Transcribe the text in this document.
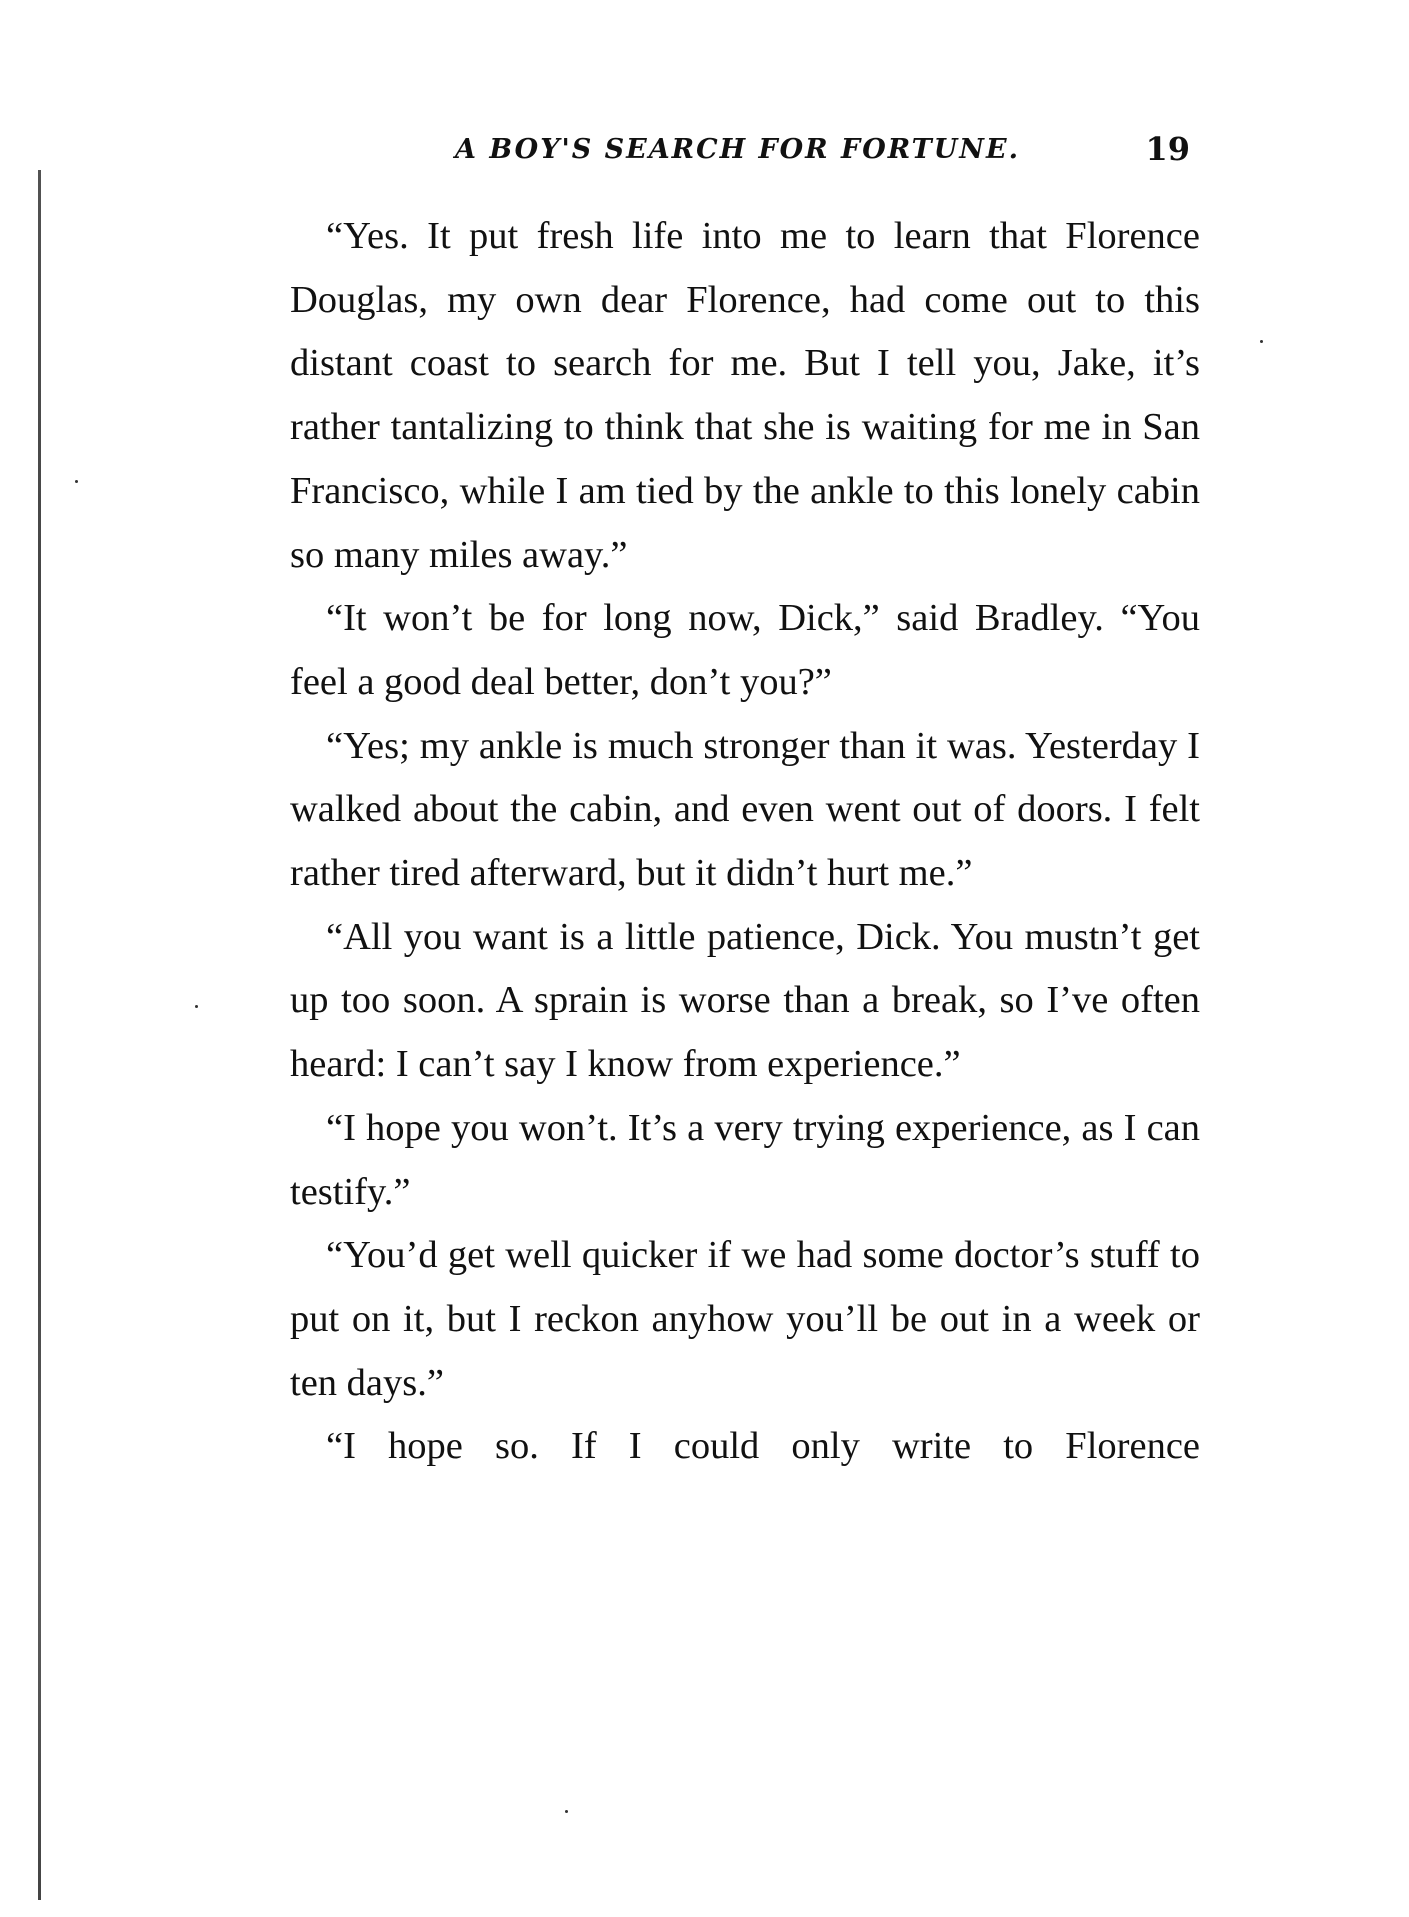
A BOY'S SEARCH FOR FORTUNE.	19

“Yes. It put fresh life into me to learn that Florence Douglas, my own dear Florence, had come out to this distant coast to search for me. But I tell you, Jake, it’s rather tantalizing to think that she is waiting for me in San Francisco, while I am tied by the ankle to this lonely cabin so many miles away.”

“It won’t be for long now, Dick,” said Bradley. “You feel a good deal better, don’t you?”

“Yes; my ankle is much stronger than it was. Yesterday I walked about the cabin, and even went out of doors. I felt rather tired afterward, but it didn’t hurt me.”

“All you want is a little patience, Dick. You mustn’t get up too soon. A sprain is worse than a break, so I’ve often heard: I can’t say I know from experience.”

“I hope you won’t. It’s a very trying experience, as I can testify.”

“You’d get well quicker if we had some doctor’s stuff to put on it, but I reckon anyhow you’ll be out in a week or ten days.”

“I hope so. If I could only write to Florence
